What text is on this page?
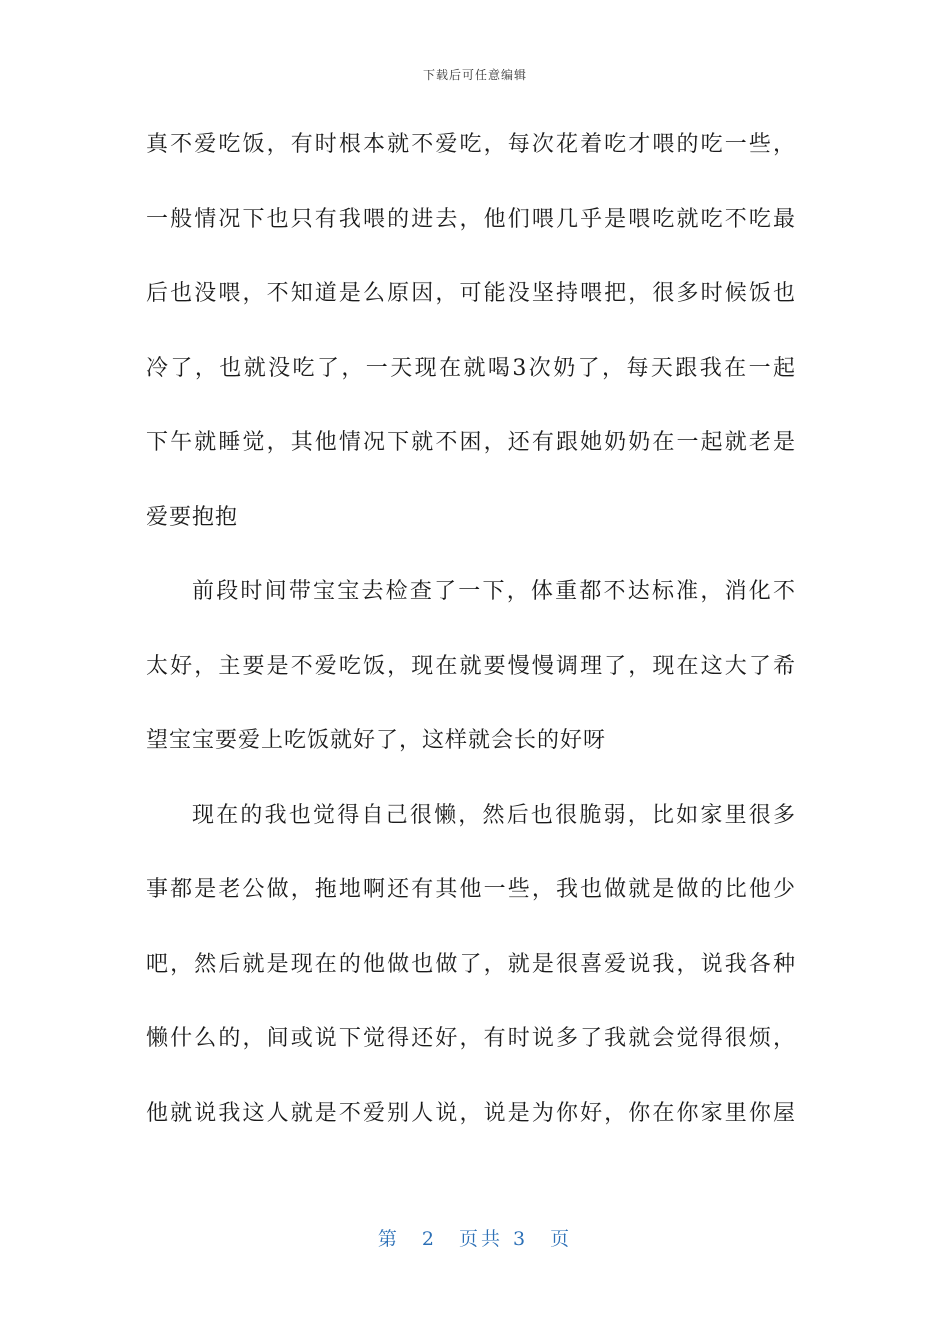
下载后可任意编辑
真不爱吃饭，有时根本就不爱吃，每次花着吃才喂的吃一些，
一般情况下也只有我喂的进去，他们喂几乎是喂吃就吃不吃最
后也没喂，不知道是么原因，可能没坚持喂把，很多时候饭也
冷了，也就没吃了，一天现在就喝3次奶了，每天跟我在一起
下午就睡觉，其他情况下就不困，还有跟她奶奶在一起就老是
爱要抱抱
前段时间带宝宝去检查了一下，体重都不达标准，消化不
太好，主要是不爱吃饭，现在就要慢慢调理了，现在这大了希
望宝宝要爱上吃饭就好了，这样就会长的好呀
现在的我也觉得自己很懒，然后也很脆弱，比如家里很多
事都是老公做，拖地啊还有其他一些，我也做就是做的比他少
吧，然后就是现在的他做也做了，就是很喜爱说我，说我各种
懒什么的，间或说下觉得还好，有时说多了我就会觉得很烦，
他就说我这人就是不爱别人说，说是为你好，你在你家里你屋
第 2 页共 3 页
